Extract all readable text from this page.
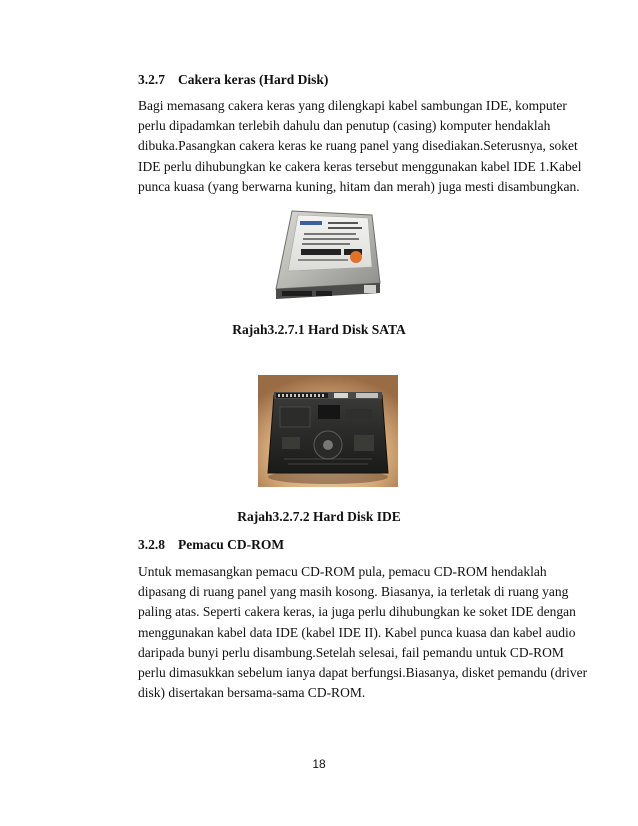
3.2.7 Cakera keras (Hard Disk)
Bagi memasang cakera keras yang dilengkapi kabel sambungan IDE, komputer
perlu dipadamkan terlebih dahulu dan penutup (casing) komputer hendaklah
dibuka.Pasangkan cakera keras ke ruang panel yang disediakan.Seterusnya, soket
IDE perlu dihubungkan ke cakera keras tersebut menggunakan kabel IDE 1.Kabel
punca kuasa (yang berwarna kuning, hitam dan merah) juga mesti disambungkan.
Rajah3.2.7.1 Hard Disk SATA
Rajah3.2.7.2 Hard Disk IDE
3.2.8 Pemacu CD-ROM
Untuk memasangkan pemacu CD-ROM pula, pemacu CD-ROM hendaklah
dipasang di ruang panel yang masih kosong. Biasanya, ia terletak di ruang yang
paling atas. Seperti cakera keras, ia juga perlu dihubungkan ke soket IDE dengan
menggunakan kabel data IDE (kabel IDE II). Kabel punca kuasa dan kabel audio
daripada bunyi perlu disambung.Setelah selesai, fail pemandu untuk CD-ROM
perlu dimasukkan sebelum ianya dapat berfungsi.Biasanya, disket pemandu (driver
disk) disertakan bersama-sama CD-ROM.
18
